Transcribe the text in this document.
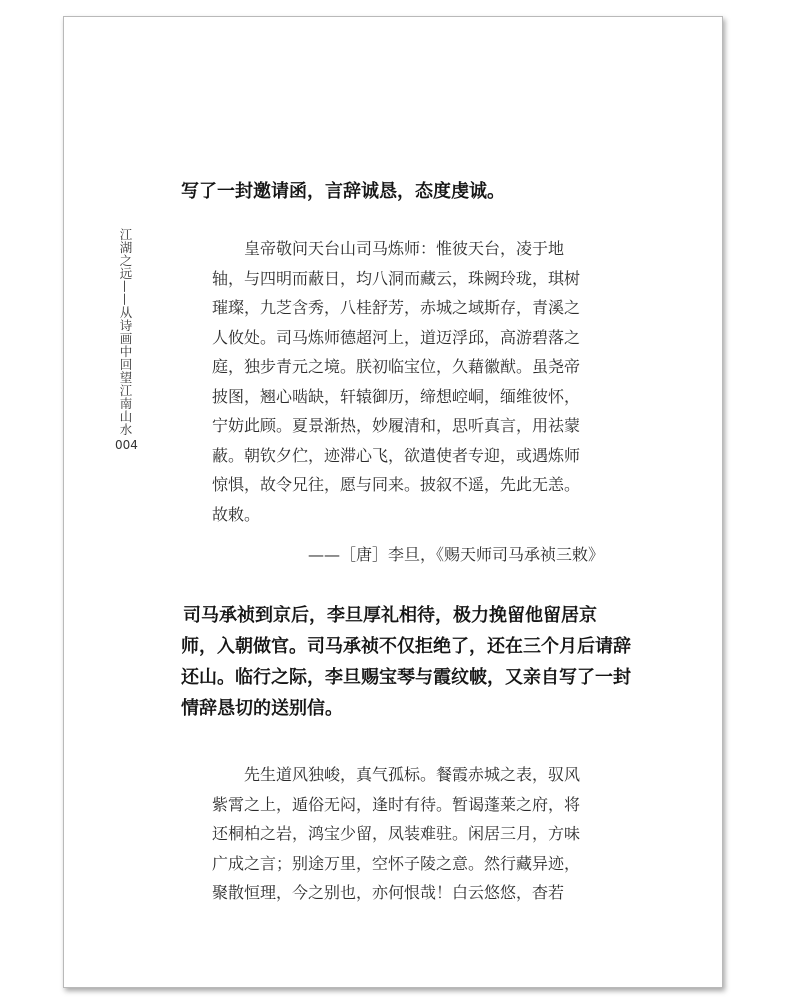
江湖之远——从诗画中回望江南山水
004

写了一封邀请函，言辞诚恳，态度虔诚。

皇帝敬问天台山司马炼师：惟彼天台，凌于地
轴，与四明而蔽日，均八洞而藏云，珠阙玲珑，琪树
璀璨，九芝含秀，八桂舒芳，赤城之域斯存，青溪之
人攸处。司马炼师德超河上，道迈浮邱，高游碧落之
庭，独步青元之境。朕初临宝位，久藉徽猷。虽尧帝
披图，翘心啮缺，轩辕御历，缔想崆峒，缅维彼怀，
宁妨此顾。夏景渐热，妙履清和，思听真言，用祛蒙
蔽。朝钦夕伫，迹滞心飞，欲遣使者专迎，或遇炼师
惊惧，故令兄往，愿与同来。披叙不遥，先此无恙。
故敕。

——［唐］李旦，《赐天师司马承祯三敕》

司马承祯到京后，李旦厚礼相待，极力挽留他留居京
师，入朝做官。司马承祯不仅拒绝了，还在三个月后请辞
还山。临行之际，李旦赐宝琴与霞纹帔，又亲自写了一封
情辞恳切的送别信。

先生道风独峻，真气孤标。餐霞赤城之表，驭风
紫霄之上，遁俗无闷，逢时有待。暂谒蓬莱之府，将
还桐柏之岩，鸿宝少留，凤装难驻。闲居三月，方味
广成之言；别途万里，空怀子陵之意。然行藏异迹，
聚散恒理，今之别也，亦何恨哉！白云悠悠，杳若
